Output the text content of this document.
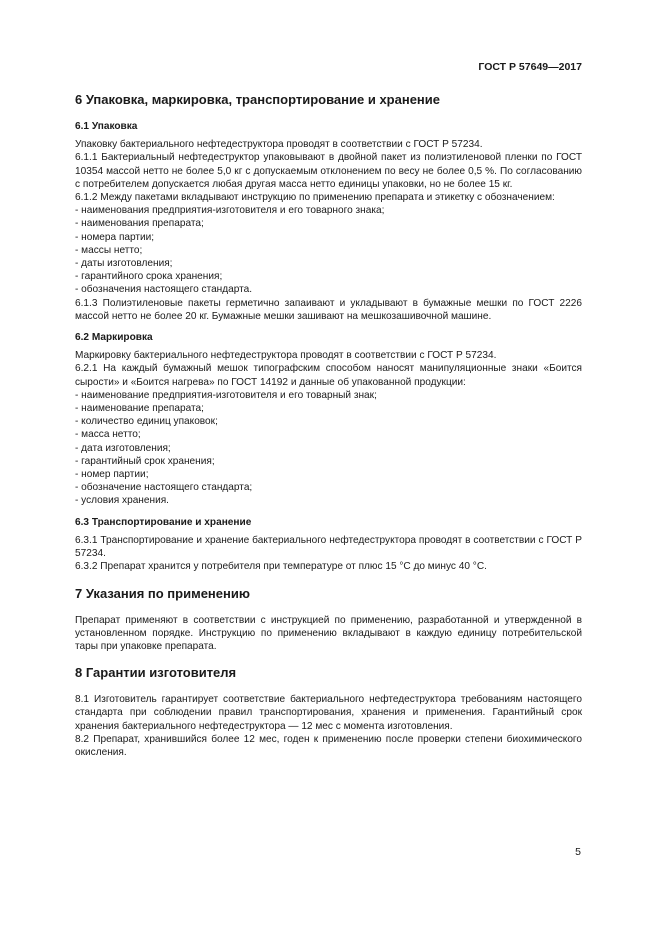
ГОСТ Р 57649—2017
6 Упаковка, маркировка, транспортирование и хранение
6.1 Упаковка

Упаковку бактериального нефтедеструктора проводят в соответствии с ГОСТ Р 57234.

6.1.1 Бактериальный нефтедеструктор упаковывают в двойной пакет из полиэтиленовой пленки по ГОСТ 10354 массой нетто не более 5,0 кг с допускаемым отклонением по весу не более 0,5 %. По согласованию с потребителем допускается любая другая масса нетто единицы упаковки, но не более 15 кг.

6.1.2 Между пакетами вкладывают инструкцию по применению препарата и этикетку с обозначением:

- наименования предприятия-изготовителя и его товарного знака;

- наименования препарата;

- номера партии;

- массы нетто;

- даты изготовления;

- гарантийного срока хранения;

- обозначения настоящего стандарта.

6.1.3 Полиэтиленовые пакеты герметично запаивают и укладывают в бумажные мешки по ГОСТ 2226 массой нетто не более 20 кг. Бумажные мешки зашивают на мешкозашивочной машине.

6.2 Маркировка

Маркировку бактериального нефтедеструктора проводят в соответствии с ГОСТ Р 57234.

6.2.1 На каждый бумажный мешок типографским способом наносят манипуляционные знаки «Боится сырости» и «Боится нагрева» по ГОСТ 14192 и данные об упакованной продукции:

- наименование предприятия-изготовителя и его товарный знак;

- наименование препарата;

- количество единиц упаковок;

- масса нетто;

- дата изготовления;

- гарантийный срок хранения;

- номер партии;

- обозначение настоящего стандарта;

- условия хранения.

6.3 Транспортирование и хранение

6.3.1 Транспортирование и хранение бактериального нефтедеструктора проводят в соответствии с ГОСТ Р 57234.

6.3.2 Препарат хранится у потребителя при температуре от плюс 15 °С до минус 40 °С.

7 Указания по применению

Препарат применяют в соответствии с инструкцией по применению, разработанной и утвержденной в установленном порядке. Инструкцию по применению вкладывают в каждую единицу потребительской тары при упаковке препарата.

8 Гарантии изготовителя

8.1 Изготовитель гарантирует соответствие бактериального нефтедеструктора требованиям настоящего стандарта при соблюдении правил транспортирования, хранения и применения. Гарантийный срок хранения бактериального нефтедеструктора — 12 мес с момента изготовления.

8.2 Препарат, хранившийся более 12 мес, годен к применению после проверки степени биохимического окисления.

5
